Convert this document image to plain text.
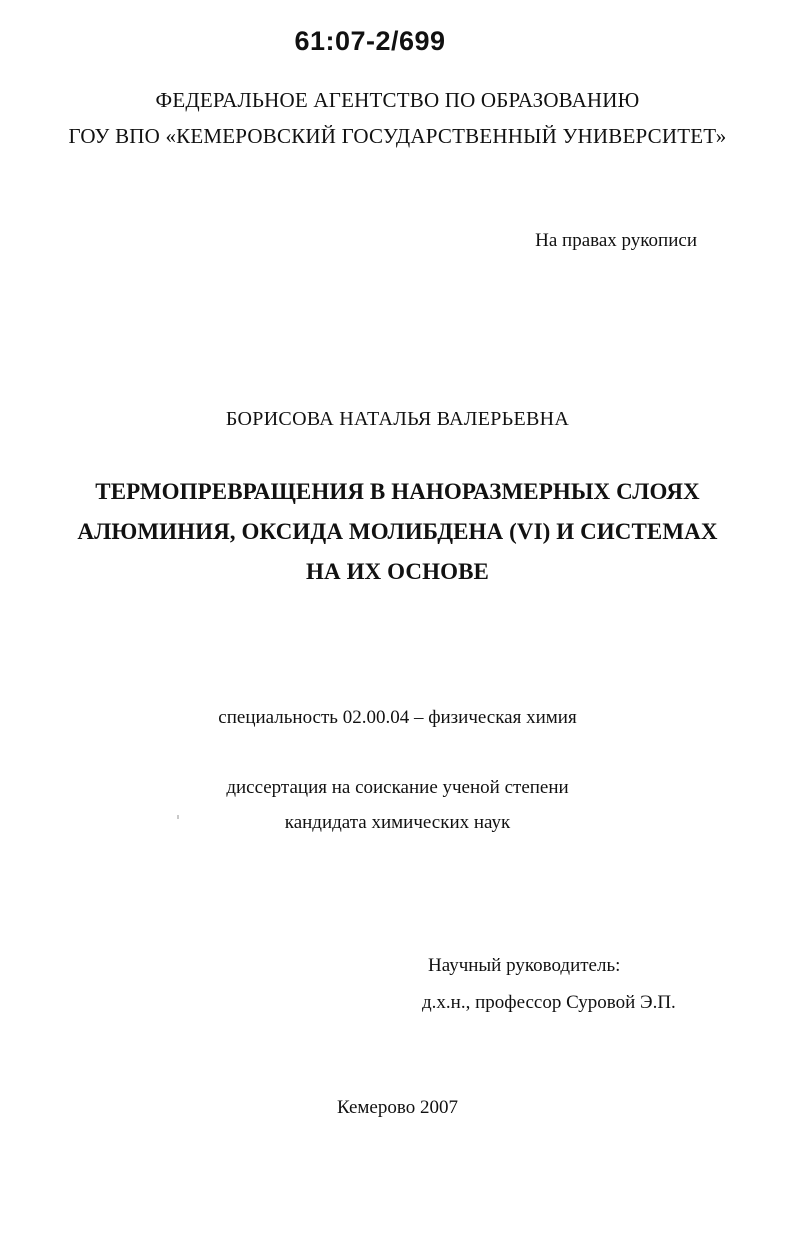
61:07-2/699
ФЕДЕРАЛЬНОЕ АГЕНТСТВО ПО ОБРАЗОВАНИЮ
ГОУ ВПО «КЕМЕРОВСКИЙ ГОСУДАРСТВЕННЫЙ УНИВЕРСИТЕТ»
На правах рукописи
БОРИСОВА НАТАЛЬЯ ВАЛЕРЬЕВНА
ТЕРМОПРЕВРАЩЕНИЯ В НАНОРАЗМЕРНЫХ СЛОЯХ
АЛЮМИНИЯ, ОКСИДА МОЛИБДЕНА (VI) И СИСТЕМАХ
НА ИХ ОСНОВЕ
специальность 02.00.04 – физическая химия
диссертация на соискание ученой степени
кандидата химических наук
Научный руководитель:
д.х.н., профессор Суровой Э.П.
Кемерово 2007
